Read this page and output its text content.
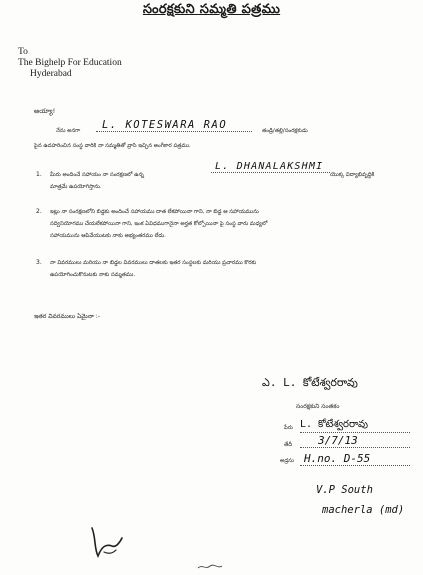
సంరక్షకుని సమ్మతి పత్రము
To
The Bighelp For Education
Hyderabad
అయ్యా!
నేను అనగా	L. KOTESWARA RAO	తండ్రి/తల్లి/సంరక్షకుడు
పైన ఉదహరించిన సంస్థ వారికి నా సమ్మతితో వ్రాసి ఇచ్చిన అంగీకార పత్రము.
1. మీరు అందించే సహాయం నా సంరక్షణలో ఉన్న
L. DHANALAKSHMI
యొక్క విద్యాభివృద్ధికి
మాత్రమే ఉపయోగిస్తాను.
2. ఇట్లు నా సంరక్షణలోని బిడ్డకు అందించే సహాయము దాత లేకపోయినా గాని, నా బిడ్డ ఆ సహాయమును
సద్వినియోగము చేయలేకపోయినా గాని, ఇంక ఏవిధముగానైనా అర్హత కోల్పోయినా పై సంస్థ వారు మధ్యలో
సహాయమును ఆపివేయుటకు నాకు అభ్యంతరము లేదు.
3. నా వివరములు మరియు నా బిడ్డల వివరములు దాతలకు ఇతర సంస్థలకు మరియు ప్రచారము కొరకు
ఉపయోగించుకొనుటకు నాకు సమ్మతము.
ఇతర వివరములు ఏమైనా :-
ఎ. L. కోటేశ్వరరావు
సంరక్షకుని సంతకం
పేరు L. కోటేశ్వరరావు
తేదీ	3/7/13
అడ్రసు H.no. D-55
V.P South
macherla (md)
